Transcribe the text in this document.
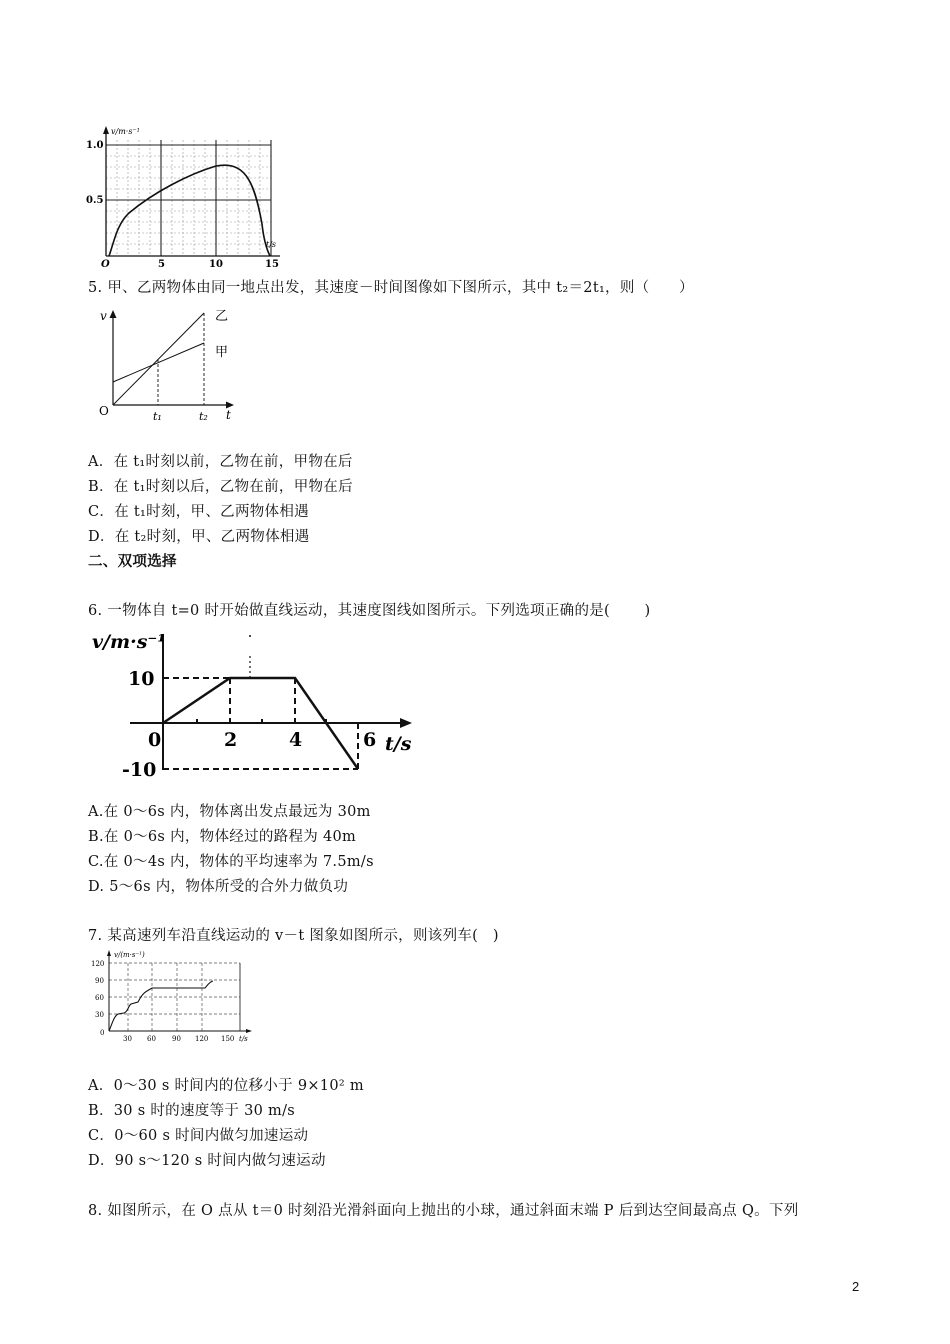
v/m·s⁻¹
t/s
1.0
0.5
O	5	10	15
5. 甲、乙两物体由同一地点出发，其速度－时间图像如下图所示，其中 t₂＝2t₁，则（　　）
v
O	t₁	t₂ t
乙
甲
A．在 t₁时刻以前，乙物在前，甲物在后
B．在 t₁时刻以后，乙物在前，甲物在后
C．在 t₁时刻，甲、乙两物体相遇
D．在 t₂时刻，甲、乙两物体相遇
二、双项选择
6. 一物体自 t=0 时开始做直线运动，其速度图线如图所示。下列选项正确的是(　　 )
v/m·s⁻¹
10
-10
0	2	4	6 t/s
A.在 0～6s 内，物体离出发点最远为 30m
B.在 0～6s 内，物体经过的路程为 40m
C.在 0～4s 内，物体的平均速率为 7.5m/s
D. 5～6s 内，物体所受的合外力做负功
7. 某高速列车沿直线运动的 v－t 图象如图所示，则该列车(　)
v/(m·s⁻¹)
120
90
60
30
0
30 60 90 120 150 t/s
A．0～30 s 时间内的位移小于 9×10² m
B．30 s 时的速度等于 30 m/s
C．0～60 s 时间内做匀加速运动
D．90 s～120 s 时间内做匀速运动
8. 如图所示，在 O 点从 t＝0 时刻沿光滑斜面向上抛出的小球，通过斜面末端 P 后到达空间最高点 Q。下列
2
